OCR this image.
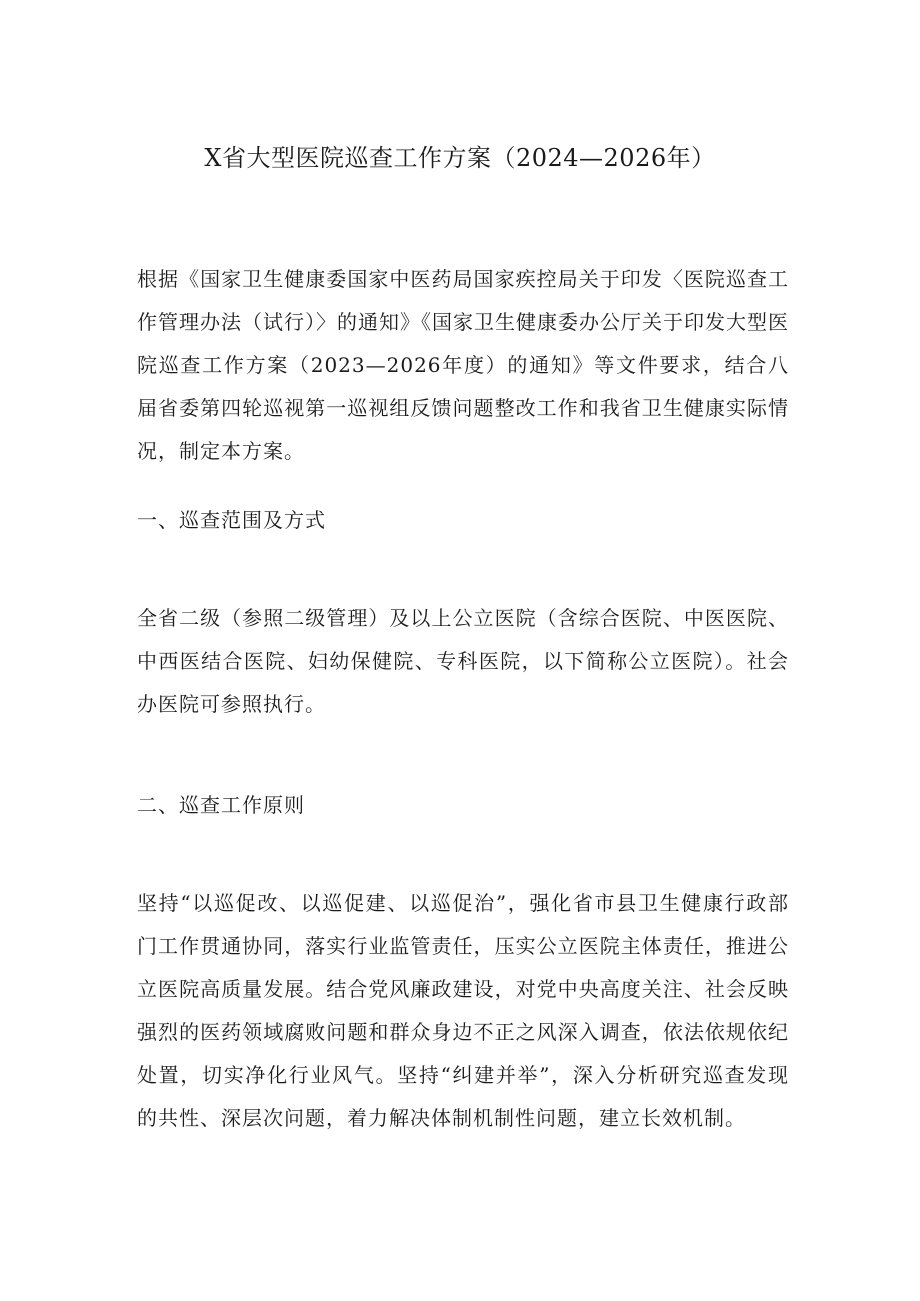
X省大型医院巡查工作方案（2024—2026年）

根据《国家卫生健康委国家中医药局国家疾控局关于印发〈医院巡查工作管理办法（试行）〉的通知》《国家卫生健康委办公厅关于印发大型医院巡查工作方案（2023—2026年度）的通知》等文件要求，结合八届省委第四轮巡视第一巡视组反馈问题整改工作和我省卫生健康实际情况，制定本方案。

一、巡查范围及方式

全省二级（参照二级管理）及以上公立医院（含综合医院、中医医院、中西医结合医院、妇幼保健院、专科医院，以下简称公立医院）。社会办医院可参照执行。

二、巡查工作原则

坚持“以巡促改、以巡促建、以巡促治”，强化省市县卫生健康行政部门工作贯通协同，落实行业监管责任，压实公立医院主体责任，推进公立医院高质量发展。结合党风廉政建设，对党中央高度关注、社会反映强烈的医药领域腐败问题和群众身边不正之风深入调查，依法依规依纪处置，切实净化行业风气。坚持“纠建并举”，深入分析研究巡查发现的共性、深层次问题，着力解决体制机制性问题，建立长效机制。
